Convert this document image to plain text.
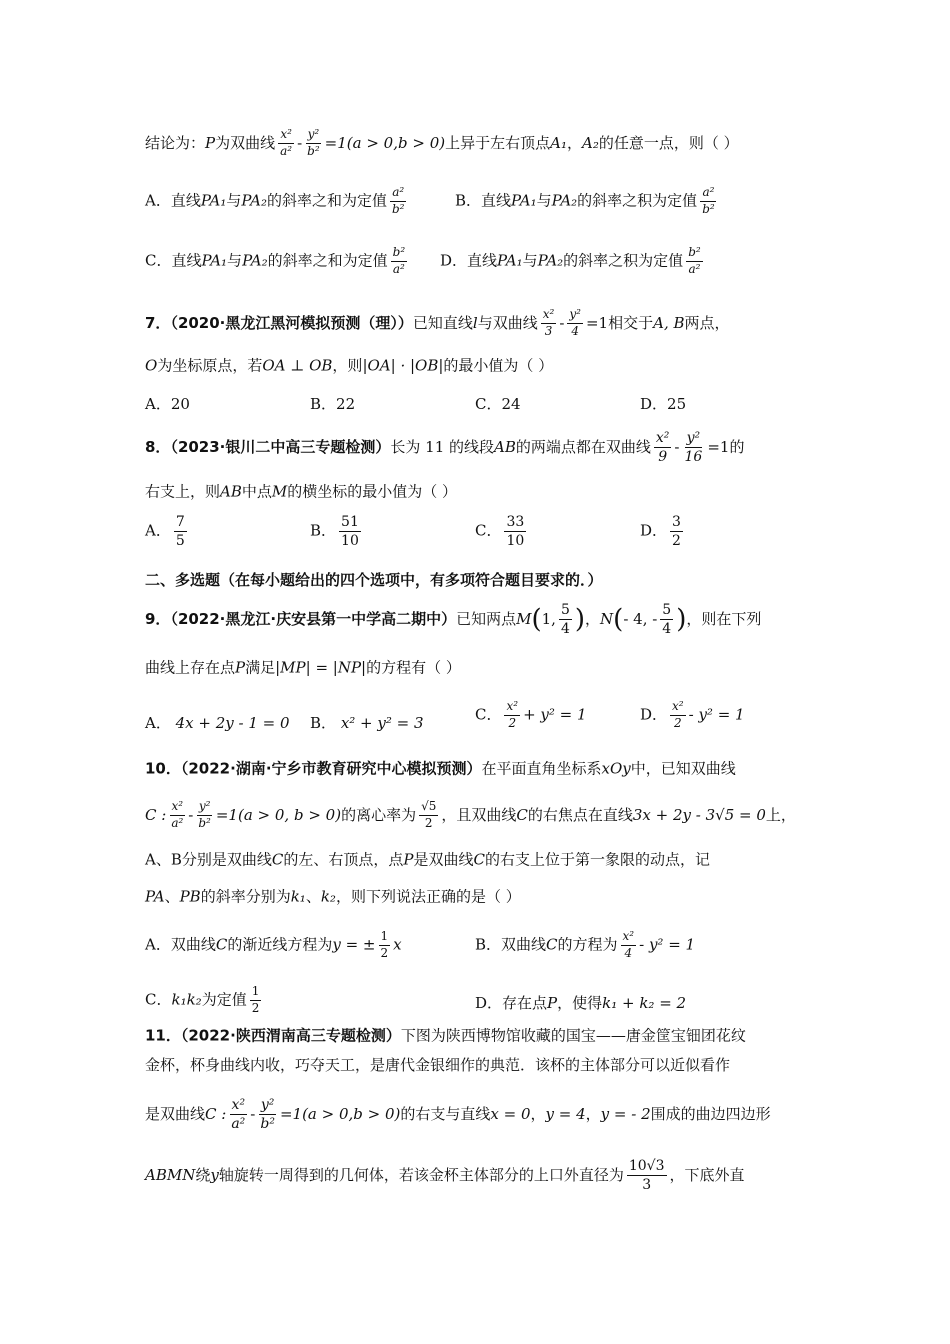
结论为：P为双曲线 $\frac{\text{x²}}{\text{a²}} - \frac{\text{y²}}{\text{b²}} =1(a > 0,b > 0)$上异于左右顶点A₁，A₂的任意一点，则（ ）
A．直线PA₁与PA₂的斜率之和为定值 $\frac{\text{a²}}{\text{b²}}$	B．直线PA₁与PA₂的斜率之积为定值 $\frac{\text{a²}}{\text{b²}}$
C．直线PA₁与PA₂的斜率之和为定值 $\frac{\text{b²}}{\text{a²}}$ D．直线PA₁与PA₂的斜率之积为定值 $\frac{\text{b²}}{\text{a²}}$
7．（2020·黑龙江黑河模拟预测（理））已知直线l与双曲线 $\frac{\text{x²}}{3} - \frac{\text{y²}}{4} =1$相交于A, B两点，
O为坐标原点，若OA ⊥ OB，则|OA| · |OB|的最小值为（ ）
A．20	B．22	C．24	D．25
8．（2023·银川二中高三专题检测）长为 11 的线段AB的两端点都在双曲线 $\frac{\text{x²}}{9} - \frac{\text{y²}}{16} =1$的
右支上，则AB中点M的横坐标的最小值为（ ）
A． $\frac{7}{5}$	B． $\frac{51}{10}$	C． $\frac{33}{10}$	D． $\frac{3}{2}$
二、多选题（在每小题给出的四个选项中，有多项符合题目要求的．）
9．（2022·黑龙江·庆安县第一中学高二期中）已知两点M(1, $\frac{5}{4}$ )，N(- 4, - $\frac{5}{4}$ )，则在下列
曲线上存在点P满足|MP| = |NP|的方程有（ ）
A． 4x + 2y - 1 = 0 B． x² + y² = 3	C． $\frac{\text{x²}}{2} + y^2 = 1$	D． $\frac{\text{x²}}{2} - y^2 = 1$
10．（2022·湖南·宁乡市教育研究中心模拟预测）在平面直角坐标系xOy中，已知双曲线
C : $\frac{\text{x²}}{\text{a²}} - \frac{\text{y²}}{\text{b²}} =1(a > 0$, b > 0)的离心率为 $\frac{√5}{2}$ ，且双曲线C的右焦点在直线3x + 2y - 3√5 = 0上，
A、B分别是双曲线C的左、右顶点，点P是双曲线C的右支上位于第一象限的动点，记
PA、PB的斜率分别为k₁、k₂，则下列说法正确的是（ ）
A．双曲线C的渐近线方程为y = ± $\frac{1}{2}$ x	B．双曲线C的方程为 $\frac{\text{x²}}{4} - y^2 = 1$
C．k₁k₂为定值 $\frac{1}{2}$	D．存在点P，使得k₁ + k₂ = 2
11．（2022·陕西渭南高三专题检测）下图为陕西博物馆收藏的国宝——唐金筐宝钿团花纹
金杯，杯身曲线内收，巧夺天工，是唐代金银细作的典范．该杯的主体部分可以近似看作
是双曲线C : $\frac{\text{x²}}{\text{a²}} - \frac{\text{y²}}{\text{b²}} =1(a > 0,b > 0)$的右支与直线x = 0，y = 4，y = - 2围成的曲边四边形
ABMN绕y轴旋转一周得到的几何体，若该金杯主体部分的上口外直径为 $\frac{10√3}{3}$ ，下底外直
